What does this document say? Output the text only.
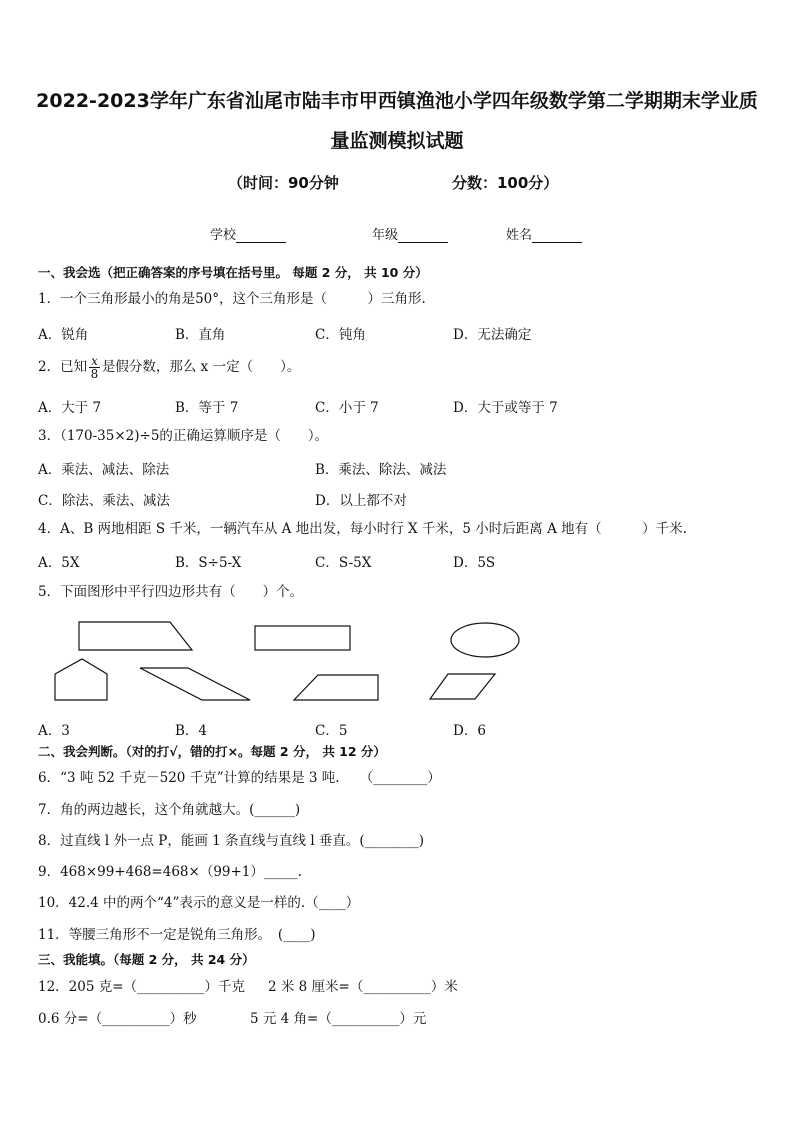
2022-2023学年广东省汕尾市陆丰市甲西镇渔池小学四年级数学第二学期期末学业质
量监测模拟试题
（时间：90分钟	分数：100分）
学校	年级	姓名
一、我会选（把正确答案的序号填在括号里。 每题 2 分， 共 10 分）
1．一个三角形最小的角是50°，这个三角形是（　　　）三角形.
A．锐角	B．直角	C．钝角	D．无法确定
2．已知 $\frac{x}{8}$ 是假分数，那么 x 一定（　　）。
A．大于 7	B．等于 7	C．小于 7	D．大于或等于 7
3．（170-35×2)÷5的正确运算顺序是（　　）。
A．乘法、减法、除法	B．乘法、除法、减法
C．除法、乘法、减法	D．以上都不对
4．A、B 两地相距 S 千米，一辆汽车从 A 地出发，每小时行 X 千米，5 小时后距离 A 地有（　　　）千米.
A．5X	B．S÷5-X	C．S-5X	D．5S
5．下面图形中平行四边形共有（　　）个。
A．3	B．4	C．5	D．6
二、我会判断。（对的打√，错的打×。每题 2 分， 共 12 分）
6．“3 吨 52 千克－520 千克”计算的结果是 3 吨.　　（________）
7．角的两边越长，这个角就越大。(______)
8．过直线 l 外一点 P，能画 1 条直线与直线 l 垂直。(________)
9．468×99+468=468×（99+1）_____.
10．42.4 中的两个“4”表示的意义是一样的.（____）
11．等腰三角形不一定是锐角三角形。　(____)
三、我能填。（每题 2 分， 共 24 分）
12．205 克=（__________）千克 2 米 8 厘米=（__________）米
0.6 分=（__________）秒	5 元 4 角=（__________）元
